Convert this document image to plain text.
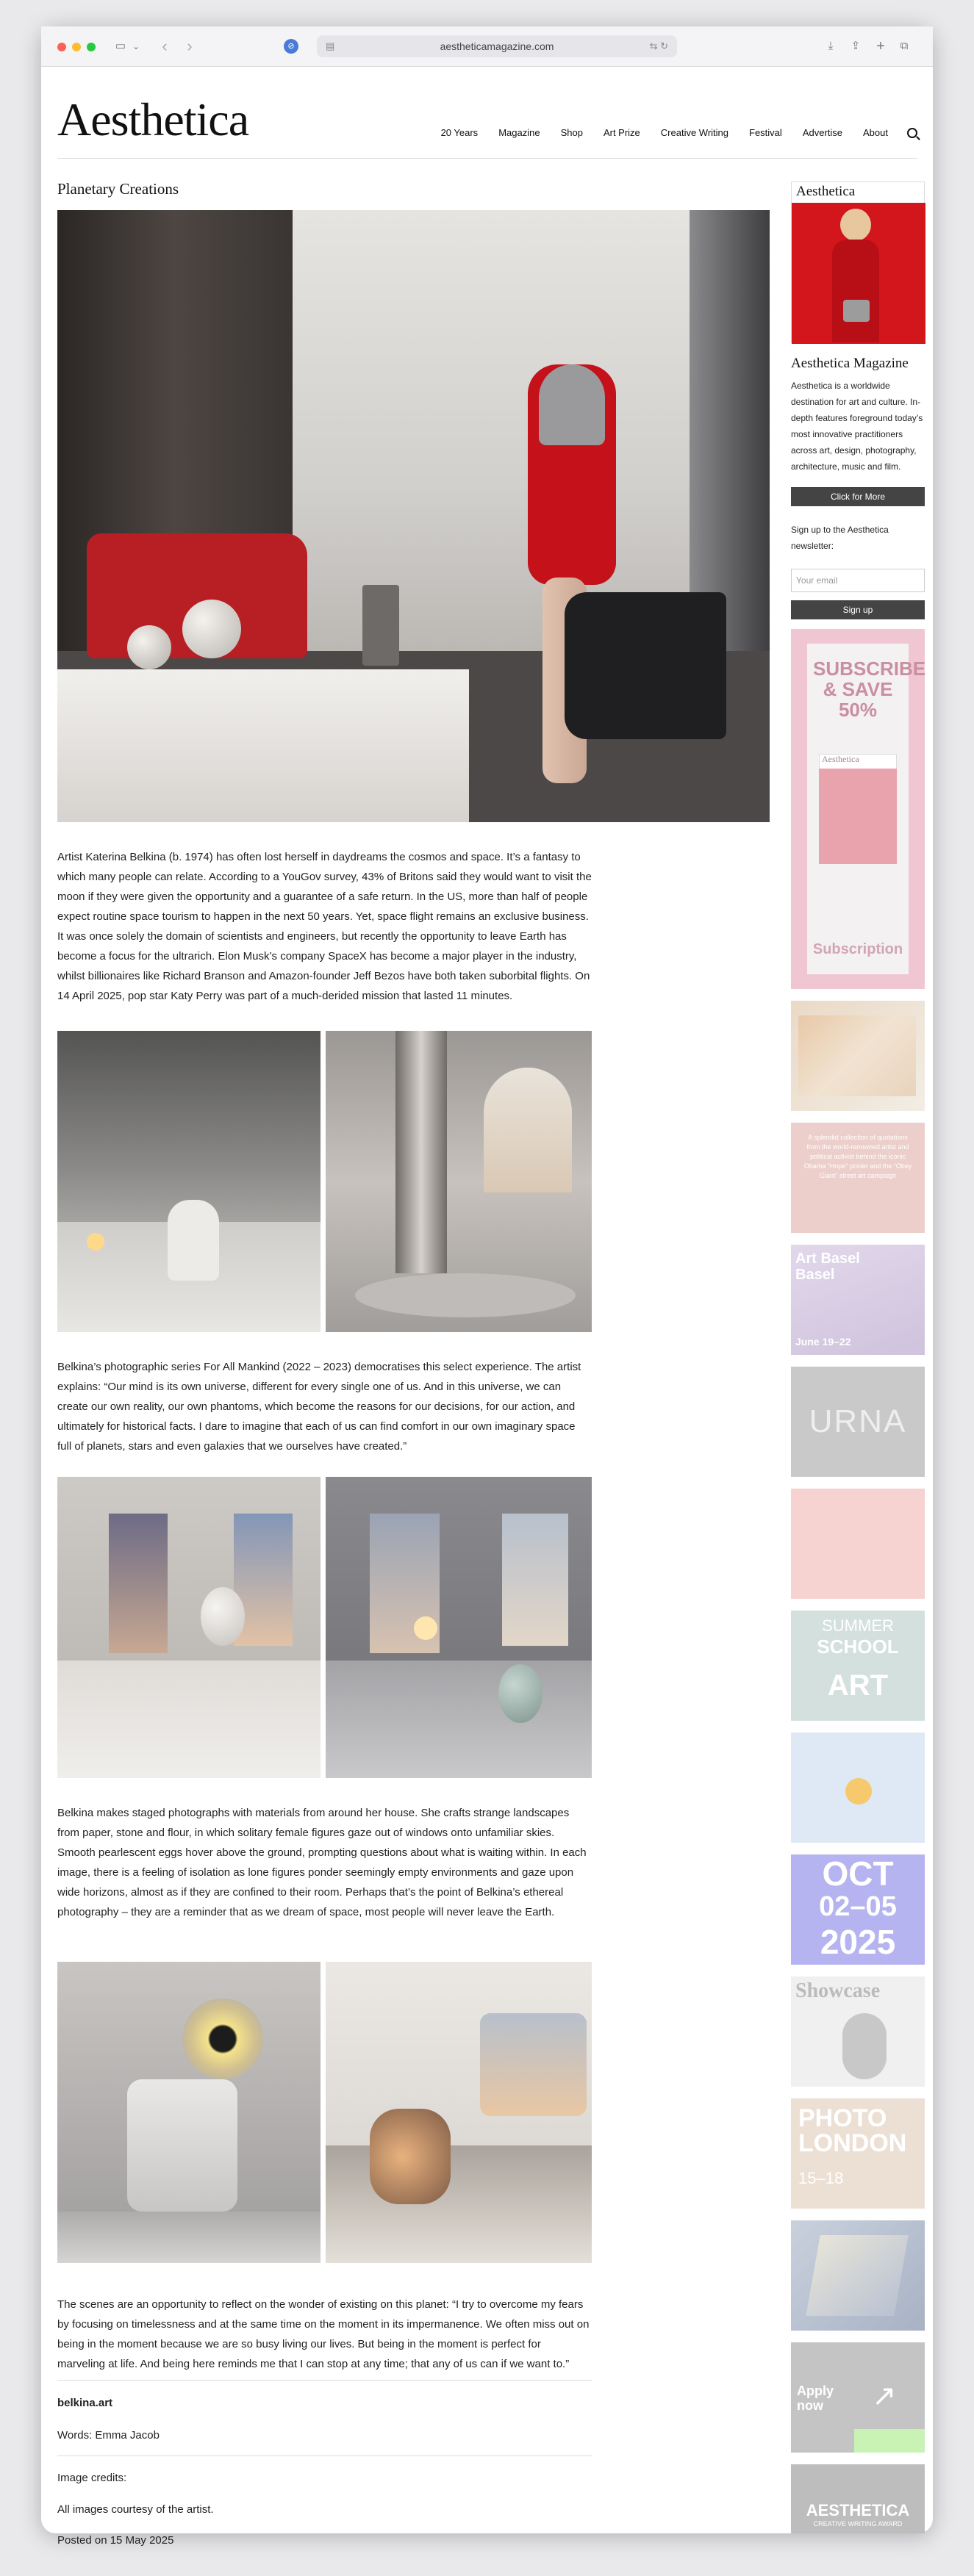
▭ ⌄ ‹ ›	⊘	▤	aestheticamagazine.com	⇆ ↻	⤓	⇪ +	⧉
Aesthetica	20 Years Magazine Shop Art Prize Creative Writing Festival Advertise About
Planetary Creations
Artist Katerina Belkina (b. 1974) has often lost herself in daydreams the cosmos and space. It’s a fantasy to which many people can relate. According to a YouGov survey, 43% of Britons said they would want to visit the moon if they were given the opportunity and a guarantee of a safe return. In the US, more than half of people expect routine space tourism to happen in the next 50 years. Yet, space flight remains an exclusive business. It was once solely the domain of scientists and engineers, but recently the opportunity to leave Earth has become a focus for the ultrarich. Elon Musk’s company SpaceX has become a major player in the industry, whilst billionaires like Richard Branson and Amazon-founder Jeff Bezos have both taken suborbital flights. On 14 April 2025, pop star Katy Perry was part of a much-derided mission that lasted 11 minutes.
Belkina’s photographic series For All Mankind (2022 – 2023) democratises this select experience. The artist explains: “Our mind is its own universe, different for every single one of us. And in this universe, we can create our own reality, our own phantoms, which become the reasons for our decisions, for our action, and ultimately for historical facts. I dare to imagine that each of us can find comfort in our own imaginary space full of planets, stars and even galaxies that we ourselves have created.”
Belkina makes staged photographs with materials from around her house. She crafts strange landscapes from paper, stone and flour, in which solitary female figures gaze out of windows onto unfamiliar skies. Smooth pearlescent eggs hover above the ground, prompting questions about what is waiting within. In each image, there is a feeling of isolation as lone figures ponder seemingly empty environments and gaze upon wide horizons, almost as if they are confined to their room. Perhaps that’s the point of Belkina’s ethereal photography – they are a reminder that as we dream of space, most people will never leave the Earth.
The scenes are an opportunity to reflect on the wonder of existing on this planet: “I try to overcome my fears by focusing on timelessness and at the same time on the moment in its impermanence. We often miss out on being in the moment because we are so busy living our lives. But being in the moment is perfect for marveling at life. And being here reminds me that I can stop at any time; that any of us can if we want to.”
belkina.art
Words: Emma Jacob
Image credits:
All images courtesy of the artist.
Posted on 15 May 2025
Aesthetica
Aesthetica Magazine
Aesthetica is a worldwide destination for art and culture. In-depth features foreground today’s most innovative practitioners across art, design, photography, architecture, music and film.
Click for More
Sign up to the Aesthetica newsletter:
Your email
Sign up
SUBSCRIBE & SAVE 50%
Aesthetica
Subscription
A splendid collection of quotations from the world-renowned artist and political activist behind the iconic Obama “Hope” poster and the “Obey Giant” street art campaign
Art Basel Basel
June 19–22
URNA
SUMMER
SCHOOL
ART
OCT
02–05
2025
Showcase
PHOTO
LONDON
15–18
Apply now	↗
AESTHETICA
CREATIVE WRITING AWARD
